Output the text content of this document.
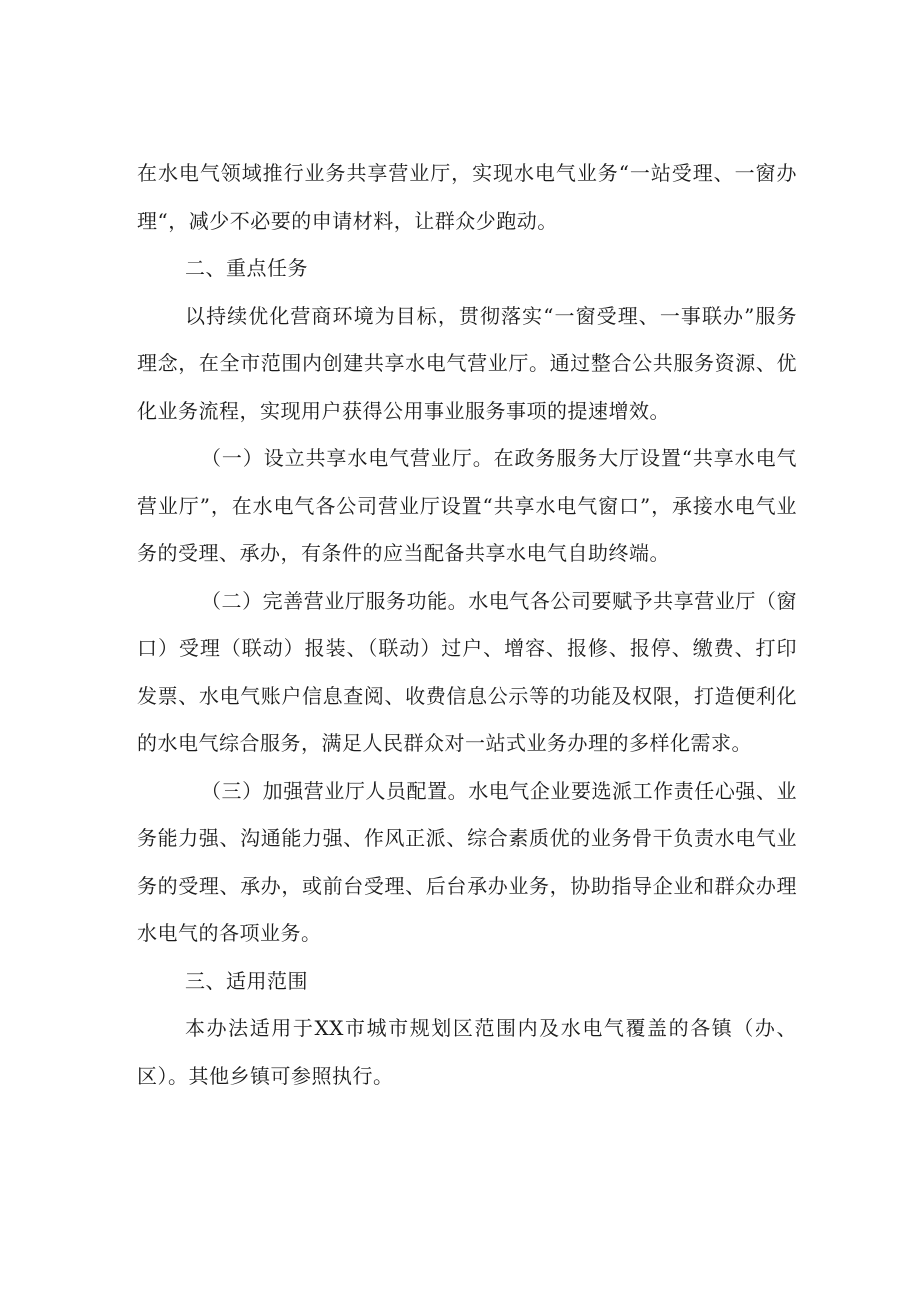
在水电气领域推行业务共享营业厅，实现水电气业务“一站受理、一窗办理“，减少不必要的申请材料，让群众少跑动。

二、重点任务

以持续优化营商环境为目标，贯彻落实“一窗受理、一事联办”服务理念，在全市范围内创建共享水电气营业厅。通过整合公共服务资源、优化业务流程，实现用户获得公用事业服务事项的提速增效。

（一）设立共享水电气营业厅。在政务服务大厅设置“共享水电气营业厅”，在水电气各公司营业厅设置“共享水电气窗口”，承接水电气业务的受理、承办，有条件的应当配备共享水电气自助终端。

（二）完善营业厅服务功能。水电气各公司要赋予共享营业厅（窗口）受理（联动）报装、（联动）过户、增容、报修、报停、缴费、打印发票、水电气账户信息查阅、收费信息公示等的功能及权限，打造便利化的水电气综合服务，满足人民群众对一站式业务办理的多样化需求。

（三）加强营业厅人员配置。水电气企业要选派工作责任心强、业务能力强、沟通能力强、作风正派、综合素质优的业务骨干负责水电气业务的受理、承办，或前台受理、后台承办业务，协助指导企业和群众办理水电气的各项业务。

三、适用范围

本办法适用于XX市城市规划区范围内及水电气覆盖的各镇（办、区）。其他乡镇可参照执行。
